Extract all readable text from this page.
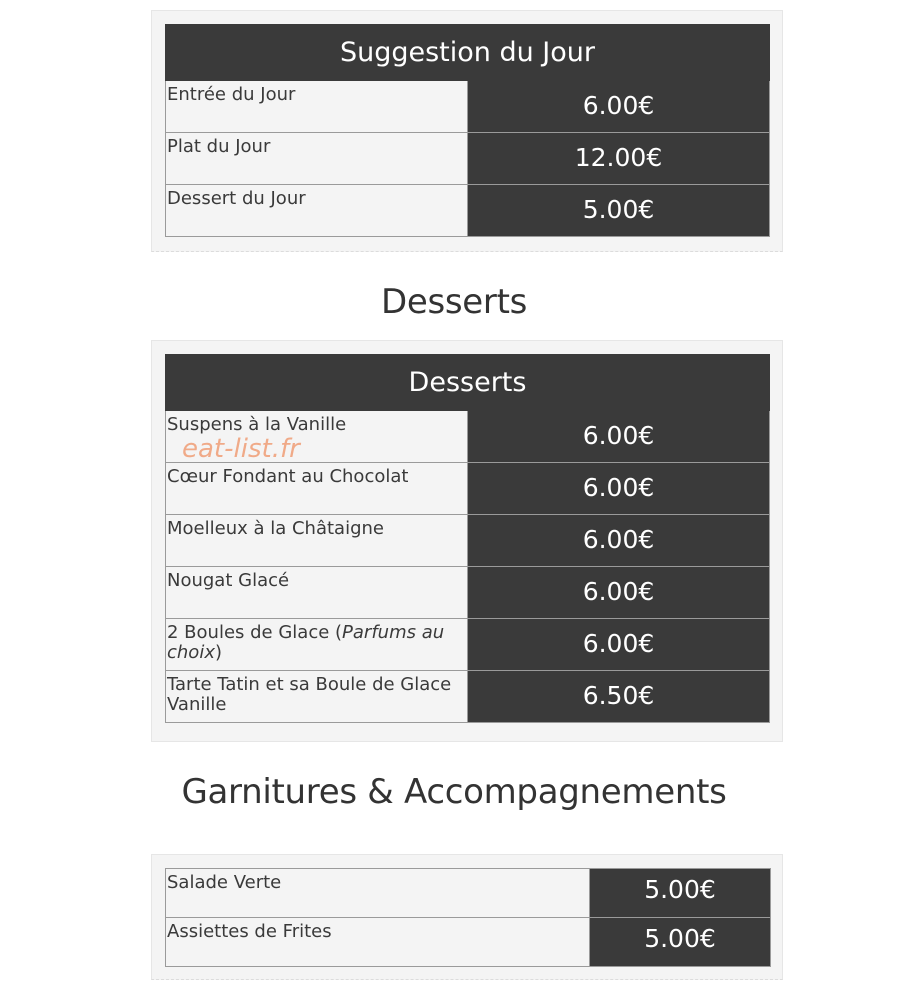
Suggestion du Jour	
Entrée du Jour	6.00€
Plat du Jour	12.00€
Dessert du Jour	5.00€
Desserts
Desserts	
Suspens à la Vanille	6.00€
Cœur Fondant au Chocolat	6.00€
Moelleux à la Châtaigne	6.00€
Nougat Glacé	6.00€
2 Boules de Glace (Parfums au choix)	6.00€
Tarte Tatin et sa Boule de Glace Vanille	6.50€
eat-list.fr
Garnitures & Accompagnements
Salade Verte	5.00€
Assiettes de Frites	5.00€
